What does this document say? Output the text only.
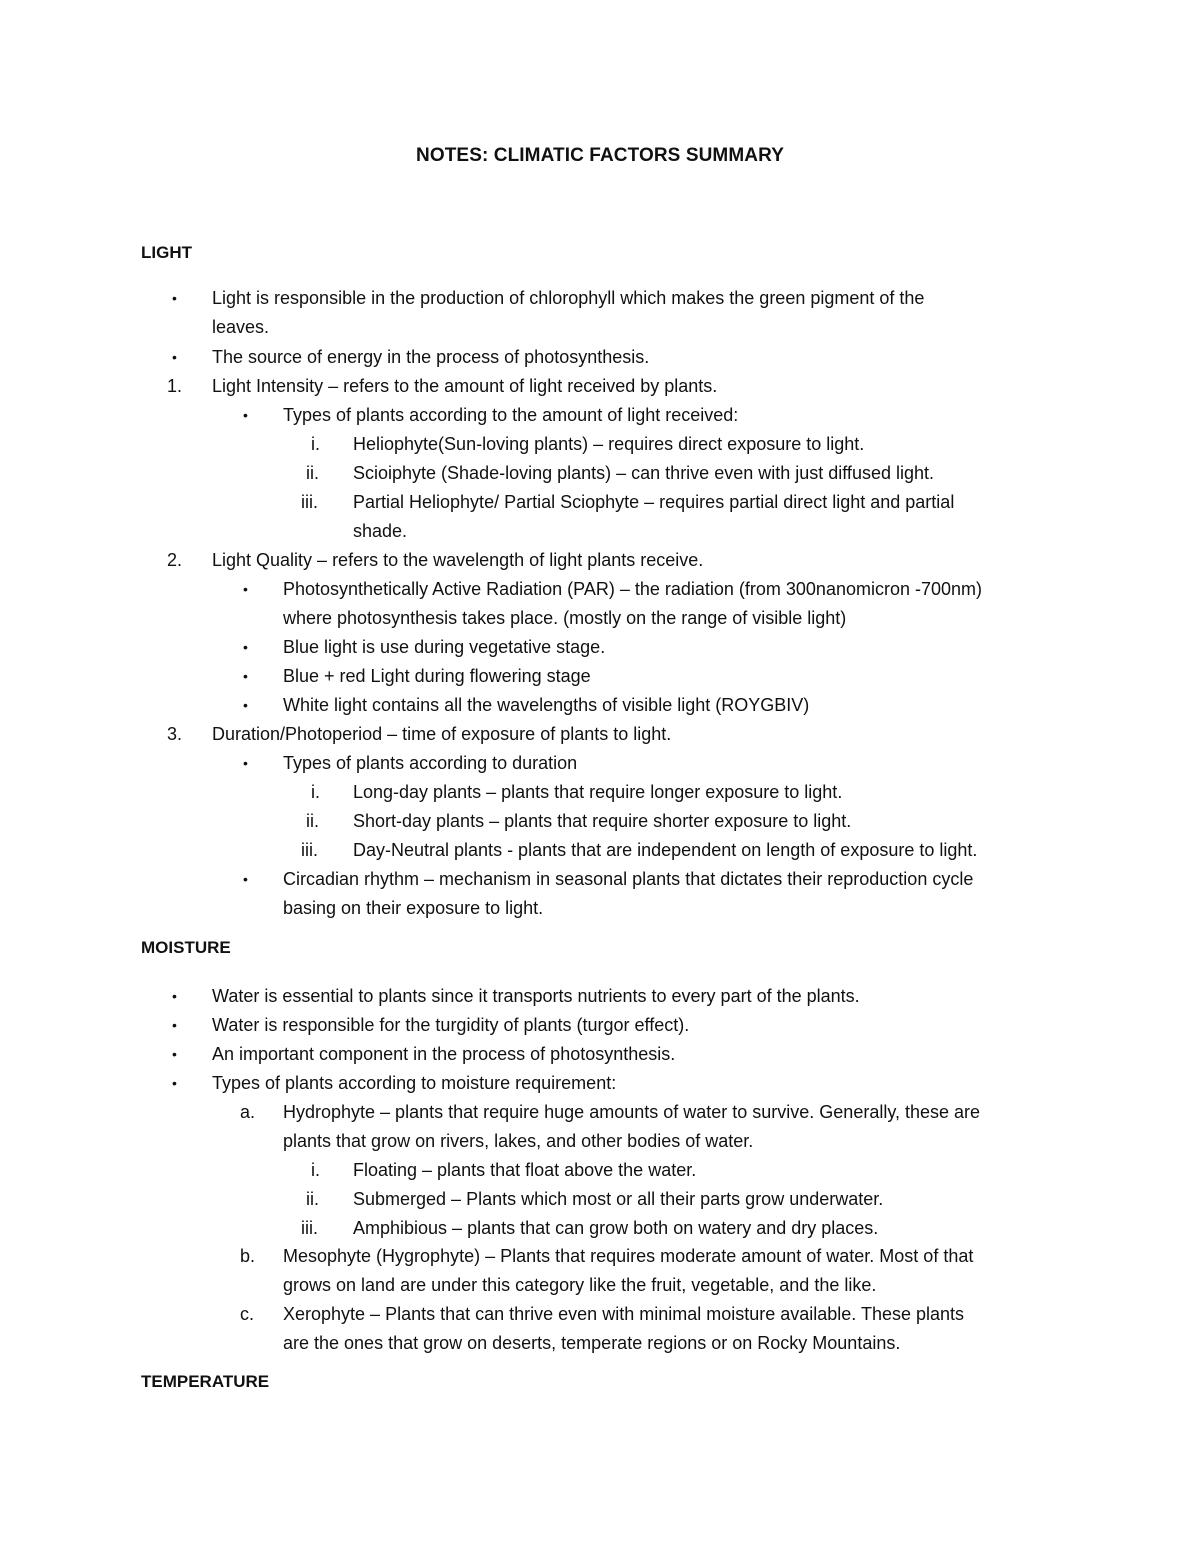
NOTES: CLIMATIC FACTORS SUMMARY
LIGHT
• Light is responsible in the production of chlorophyll which makes the green pigment of the
leaves.
• The source of energy in the process of photosynthesis.
1. Light Intensity – refers to the amount of light received by plants.
• Types of plants according to the amount of light received:
i. Heliophyte(Sun-loving plants) – requires direct exposure to light.
ii. Scioiphyte (Shade-loving plants) – can thrive even with just diffused light.
iii. Partial Heliophyte/ Partial Sciophyte – requires partial direct light and partial
shade.
2. Light Quality – refers to the wavelength of light plants receive.
• Photosynthetically Active Radiation (PAR) – the radiation (from 300nanomicron -700nm)
where photosynthesis takes place. (mostly on the range of visible light)
• Blue light is use during vegetative stage.
• Blue + red Light during flowering stage
• White light contains all the wavelengths of visible light (ROYGBIV)
3. Duration/Photoperiod – time of exposure of plants to light.
• Types of plants according to duration
i. Long-day plants – plants that require longer exposure to light.
ii. Short-day plants – plants that require shorter exposure to light.
iii. Day-Neutral plants - plants that are independent on length of exposure to light.
• Circadian rhythm – mechanism in seasonal plants that dictates their reproduction cycle
basing on their exposure to light.
MOISTURE
• Water is essential to plants since it transports nutrients to every part of the plants.
• Water is responsible for the turgidity of plants (turgor effect).
• An important component in the process of photosynthesis.
• Types of plants according to moisture requirement:
a. Hydrophyte – plants that require huge amounts of water to survive. Generally, these are
plants that grow on rivers, lakes, and other bodies of water.
i. Floating – plants that float above the water.
ii. Submerged – Plants which most or all their parts grow underwater.
iii. Amphibious – plants that can grow both on watery and dry places.
b. Mesophyte (Hygrophyte) – Plants that requires moderate amount of water. Most of that
grows on land are under this category like the fruit, vegetable, and the like.
c. Xerophyte – Plants that can thrive even with minimal moisture available. These plants
are the ones that grow on deserts, temperate regions or on Rocky Mountains.
TEMPERATURE
